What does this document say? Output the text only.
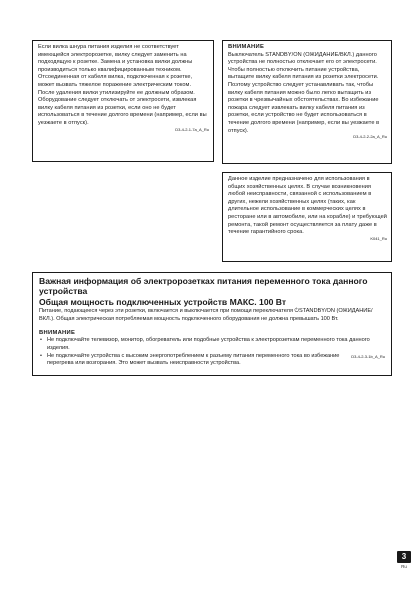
Если вилка шнура питания изделия не соответствует имеющейся электророзетке, вилку следует заменить на подходящую к розетке. Замена и установка вилки должны производиться только квалифицированным техником. Отсоединенная от кабеля вилка, подключенная к розетке, может вызвать тяжелое поражение электрическим током. После удаления вилки утилизируйте ее должным образом. Оборудование следует отключать от электросети, извлекая вилку кабеля питания из розетки, если оно не будет использоваться в течение долгого времени (например, если вы уезжаете в отпуск).

D3-4-2-1-7a_A_Ru

ВНИМАНИЕ

Выключатель STANDBY/ON (ОЖИДАНИЕ/ВКЛ.) данного устройства не полностью отключает его от электросети. Чтобы полностью отключить питание устройства, вытащите вилку кабеля питания из розетки электросети. Поэтому устройство следует устанавливать так, чтобы вилку кабеля питания можно было легко вытащить из розетки в чрезвычайных обстоятельствах. Во избежание пожара следует извлекать вилку кабеля питания из розетки, если устройство не будет использоваться в течение долгого времени (например, если вы уезжаете в отпуск).

D3-4-2-2-2a_A_Ru

Данное изделие предназначено для использования в общих хозяйственных целях. В случае возникновения любой неисправности, связанной с использованием в других, нежели хозяйственных целях (таких, как длительное использование в коммерческих целях в ресторане или в автомобиле, или на корабле) и требующей ремонта, такой ремонт осуществляется за плату даже в течение гарантийного срока.

K041_Ru

Важная информация об электророзетках питания переменного тока данного устройства

Общая мощность подключенных устройств МАКС. 100 Вт

Питание, подающееся через эти розетки, включается и выключается при помощи переключателя ⏻STANDBY/ON (ОЖИДАНИЕ/ВКЛ.). Общая электрическая потребляемая мощность подключенного оборудования не должна превышать 100 Вт.

ВНИМАНИЕ

• Не подключайте телевизор, монитор, обогреватель или подобные устройства к электророзеткам переменного тока данного изделия.
• D3-4-2-3-1b_A_Ru
Не подключайте устройства с высоким энергопотреблением к разъему питания переменного тока во избежание перегрева или возгорания. Это может вызвать неисправности устройства.
3
Ru
